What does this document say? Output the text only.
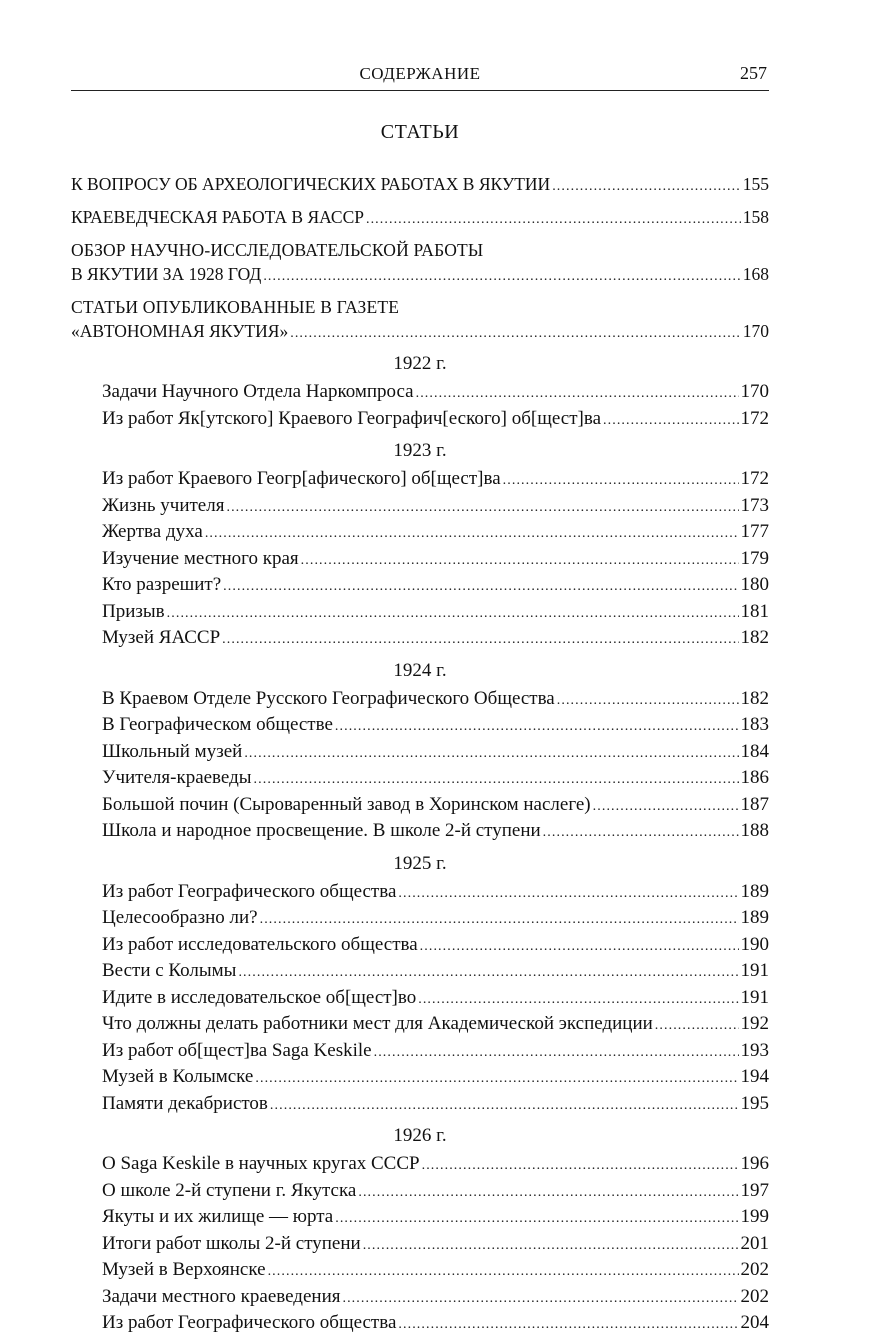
СОДЕРЖАНИЕ	257
СТАТЬИ
К ВОПРОСУ ОБ АРХЕОЛОГИЧЕСКИХ РАБОТАХ В ЯКУТИИ . . .	155
КРАЕВЕДЧЕСКАЯ РАБОТА В ЯАССР . . .	158
ОБЗОР НАУЧНО-ИССЛЕДОВАТЕЛЬСКОЙ РАБОТЫ
В ЯКУТИИ ЗА 1928 ГОД . . .	168
СТАТЬИ ОПУБЛИКОВАННЫЕ В ГАЗЕТЕ
«АВТОНОМНАЯ ЯКУТИЯ» . . .	170
1922 г.
Задачи Научного Отдела Наркомпроса . . .	170
Из работ Як[утского] Краевого Географич[еского] об[щест]ва . . .	172
1923 г.
Из работ Краевого Геогр[афического] об[щест]ва . . .	172
Жизнь учителя . . .	173
Жертва духа . . .	177
Изучение местного края . . .	179
Кто разрешит? . . .	180
Призыв . . .	181
Музей ЯАССР . . .	182
1924 г.
В Краевом Отделе Русского Географического Общества . . .	182
В Географическом обществе . . .	183
Школьный музей . . .	184
Учителя-краеведы . . .	186
Большой почин (Сыроваренный завод в Хоринском наслеге) . . .	187
Школа и народное просвещение. В школе 2-й ступени . . .	188
1925 г.
Из работ Географического общества . . .	189
Целесообразно ли? . . .	189
Из работ исследовательского общества . . .	190
Вести с Колымы . . .	191
Идите в исследовательское об[щест]во . . .	191
Что должны делать работники мест для Академической экспедиции . . .	192
Из работ об[щест]ва Saga Keskile . . .	193
Музей в Колымске . . .	194
Памяти декабристов . . .	195
1926 г.
О Saga Keskile в научных кругах СССР . . .	196
О школе 2-й ступени г. Якутска . . .	197
Якуты и их жилище — юрта . . .	199
Итоги работ школы 2-й ступени . . .	201
Музей в Верхоянске . . .	202
Задачи местного краеведения . . .	202
Из работ Географического общества . . .	204
